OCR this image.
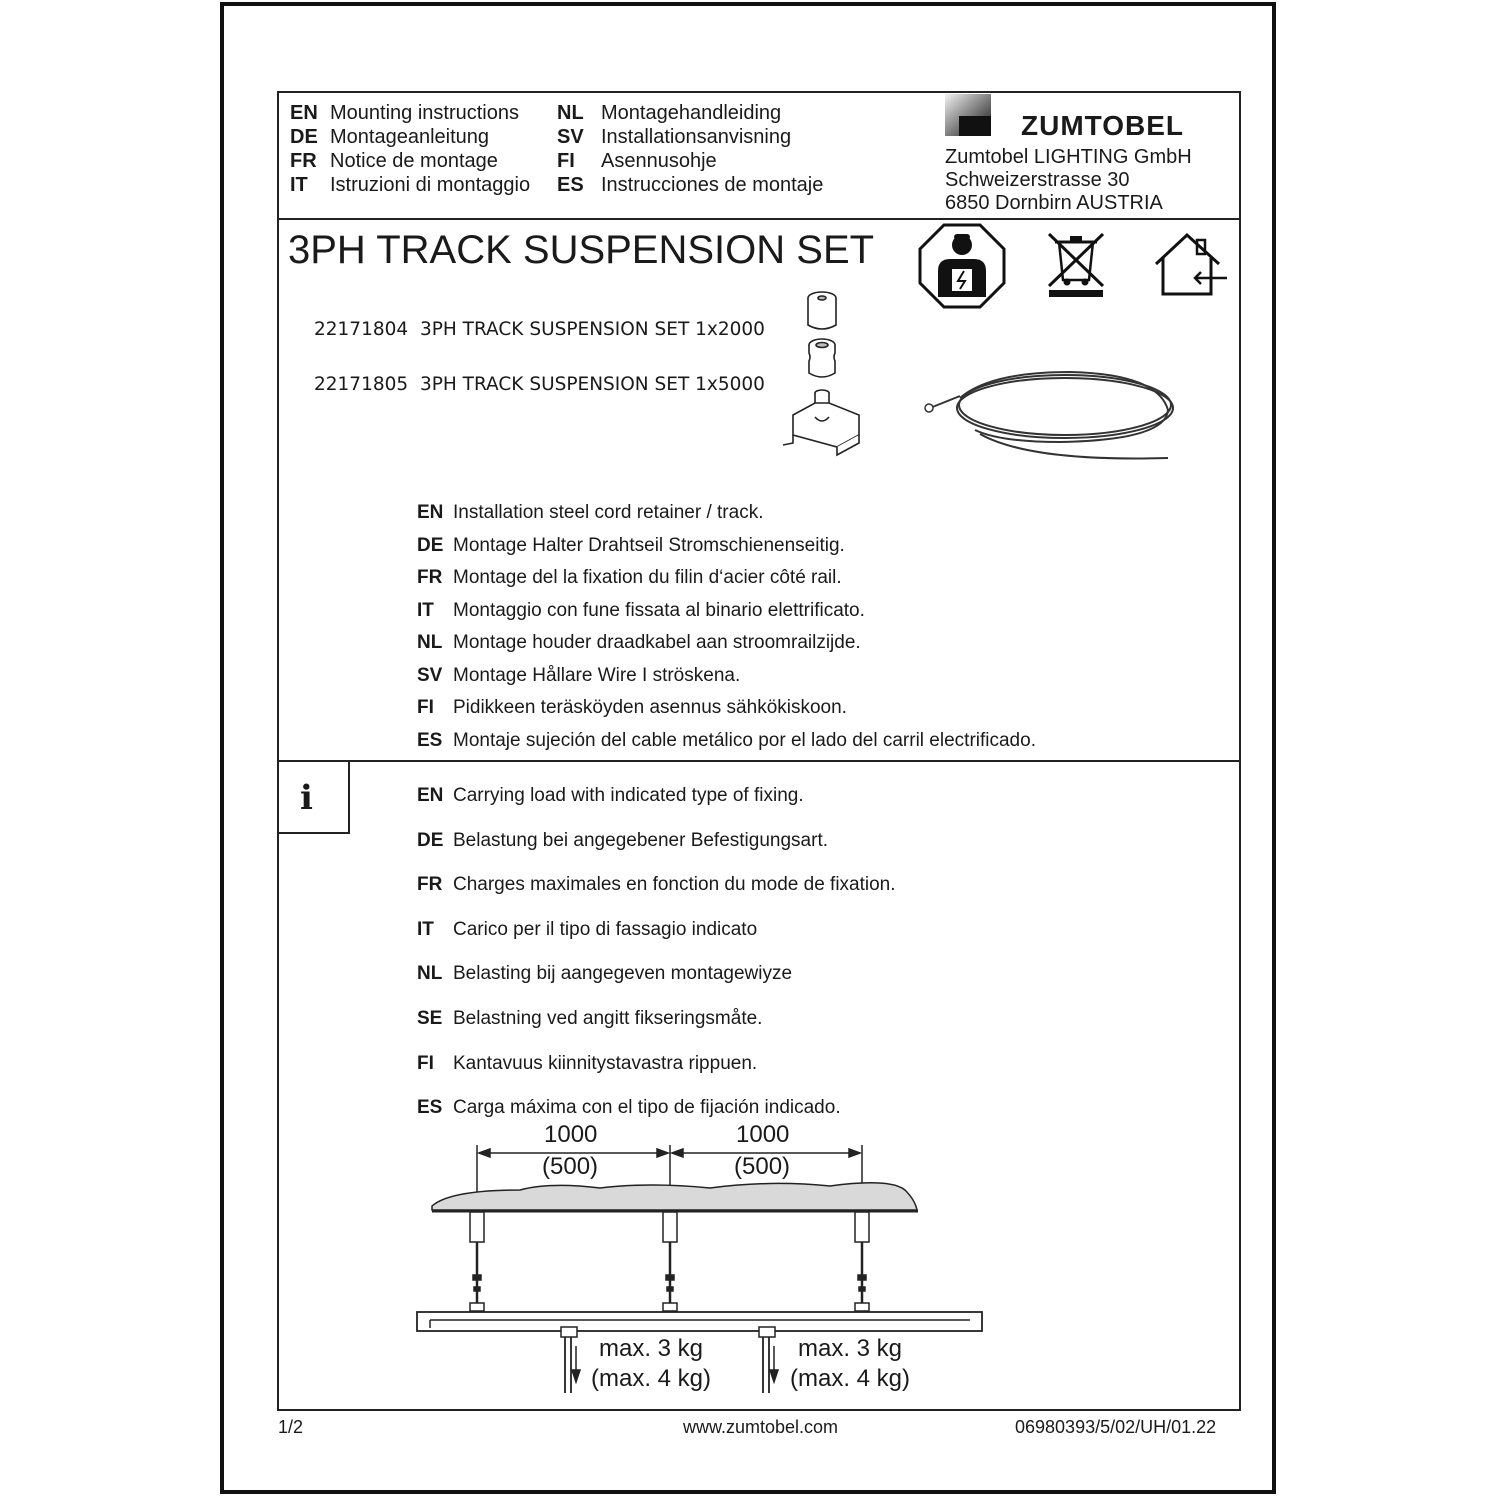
EN Mounting instructions
DE Montageanleitung
FR Notice de montage
IT	Istruzioni di montaggio
NL Montagehandleiding
SV Installationsanvisning
FI	Asennusohje
ES Instrucciones de montaje
ZUMTOBEL
Zumtobel LIGHTING GmbH
Schweizerstrasse 30
6850 Dornbirn AUSTRIA
3PH TRACK SUSPENSION SET
22171804 3PH TRACK SUSPENSION SET 1x2000
22171805 3PH TRACK SUSPENSION SET 1x5000
EN Installation steel cord retainer / track.
DE Montage Halter Drahtseil Stromschienenseitig.
FR Montage del la fixation du filin d‘acier côté rail.
IT Montaggio con fune fissata al binario elettrificato.
NL Montage houder draadkabel aan stroomrailzijde.
SV Montage Hållare Wire I ströskena.
FI Pidikkeen teräsköyden asennus sähkökiskoon.
ES Montaje sujeción del cable metálico por el lado del carril electrificado.
i	EN Carrying load with indicated type of fixing.
DE Belastung bei angegebener Befestigungsart.
FR Charges maximales en fonction du mode de fixation.
IT Carico per il tipo di fassagio indicato
NL Belasting bij aangegeven montagewiyze
SE Belastning ved angitt fikseringsmåte.
FI Kantavuus kiinnitystavastra rippuen.
ES Carga máxima con el tipo de fijación indicado.
1000
(500)
1000
(500)
max. 3 kg
(max. 4 kg)
max. 3 kg
(max. 4 kg)
1/2	www.zumtobel.com	06980393/5/02/UH/01.22
